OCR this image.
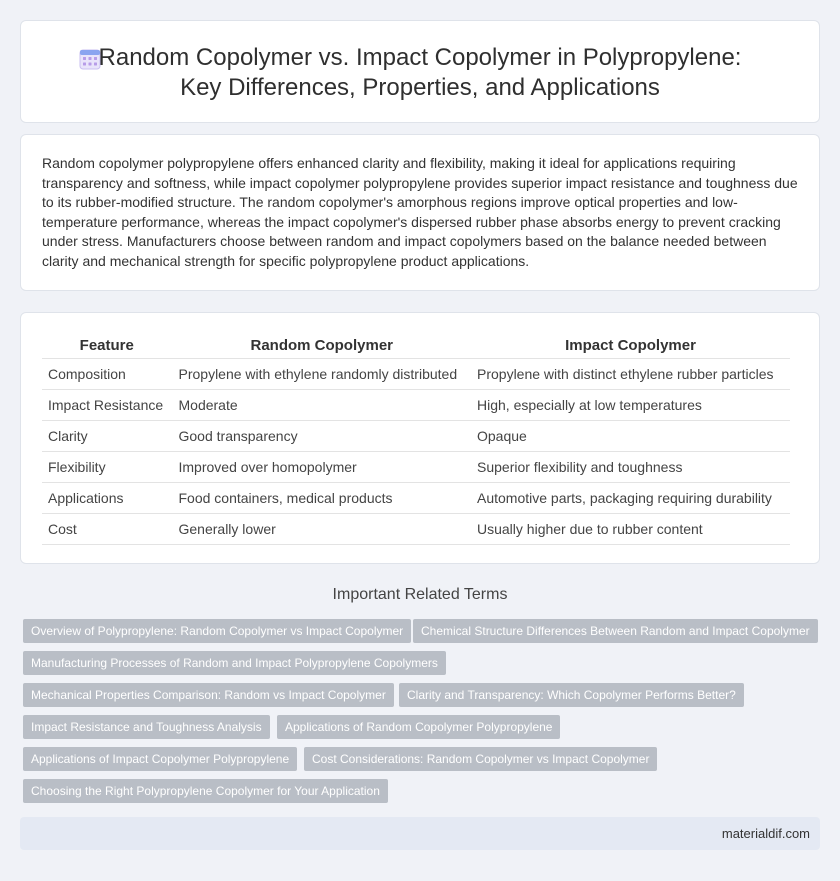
Random Copolymer vs. Impact Copolymer in Polypropylene: Key Differences, Properties, and Applications
Random copolymer polypropylene offers enhanced clarity and flexibility, making it ideal for applications requiring transparency and softness, while impact copolymer polypropylene provides superior impact resistance and toughness due to its rubber-modified structure. The random copolymer's amorphous regions improve optical properties and low-temperature performance, whereas the impact copolymer's dispersed rubber phase absorbs energy to prevent cracking under stress. Manufacturers choose between random and impact copolymers based on the balance needed between clarity and mechanical strength for specific polypropylene product applications.
Feature	Random Copolymer	Impact Copolymer
Composition	Propylene with ethylene randomly distributed	Propylene with distinct ethylene rubber particles
Impact Resistance	Moderate	High, especially at low temperatures
Clarity	Good transparency	Opaque
Flexibility	Improved over homopolymer	Superior flexibility and toughness
Applications	Food containers, medical products	Automotive parts, packaging requiring durability
Cost	Generally lower	Usually higher due to rubber content
Important Related Terms
Overview of Polypropylene: Random Copolymer vs Impact Copolymer	Chemical Structure Differences Between Random and Impact Copolymer
Manufacturing Processes of Random and Impact Polypropylene Copolymers
Mechanical Properties Comparison: Random vs Impact Copolymer	Clarity and Transparency: Which Copolymer Performs Better?
Impact Resistance and Toughness Analysis	Applications of Random Copolymer Polypropylene
Applications of Impact Copolymer Polypropylene	Cost Considerations: Random Copolymer vs Impact Copolymer
Choosing the Right Polypropylene Copolymer for Your Application
materialdif.com
